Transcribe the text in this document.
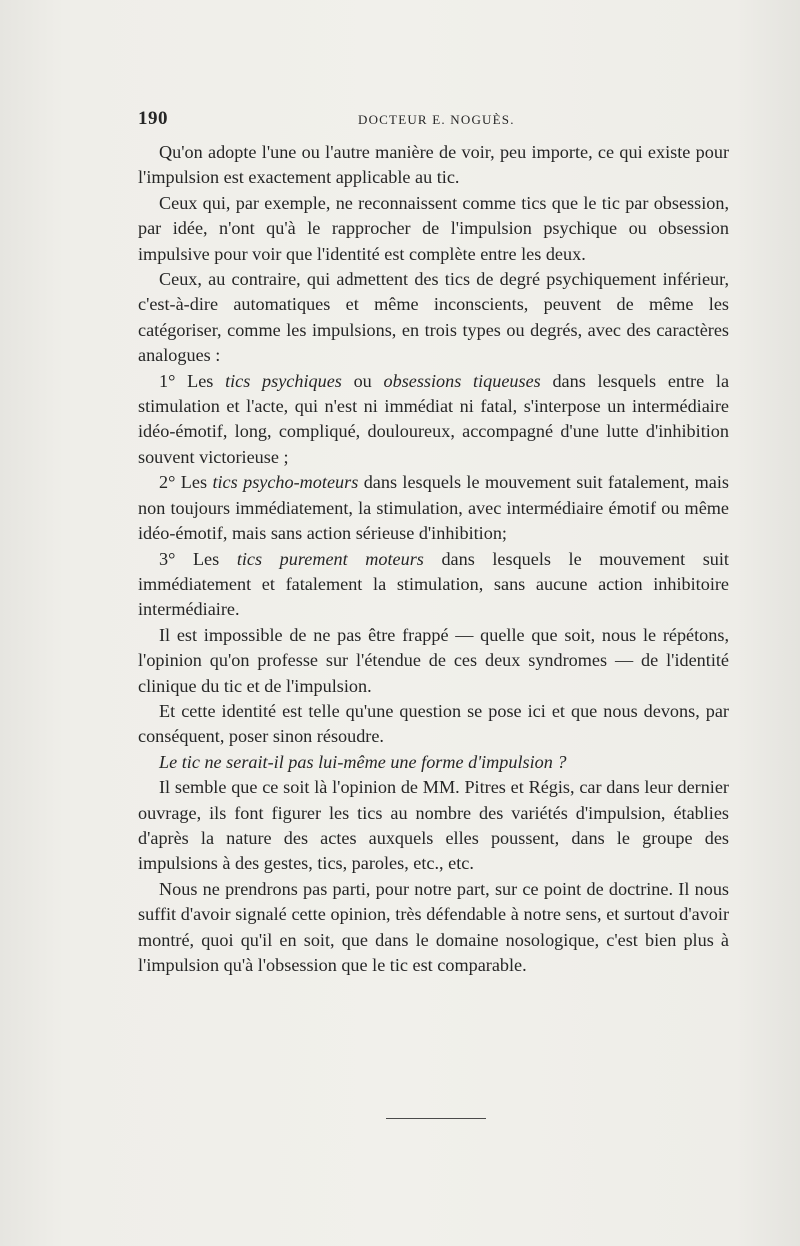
190	DOCTEUR E. NOGUÈS.

Qu'on adopte l'une ou l'autre manière de voir, peu importe, ce qui existe pour l'impulsion est exactement applicable au tic.

Ceux qui, par exemple, ne reconnaissent comme tics que le tic par obsession, par idée, n'ont qu'à le rapprocher de l'impulsion psychique ou obsession impulsive pour voir que l'identité est complète entre les deux.

Ceux, au contraire, qui admettent des tics de degré psychiquement inférieur, c'est-à-dire automatiques et même inconscients, peuvent de même les catégoriser, comme les impulsions, en trois types ou degrés, avec des caractères analogues :

1° Les tics psychiques ou obsessions tiqueuses dans lesquels entre la stimulation et l'acte, qui n'est ni immédiat ni fatal, s'interpose un intermédiaire idéo-émotif, long, compliqué, douloureux, accompagné d'une lutte d'inhibition souvent victorieuse ;

2° Les tics psycho-moteurs dans lesquels le mouvement suit fatalement, mais non toujours immédiatement, la stimulation, avec intermédiaire émotif ou même idéo-émotif, mais sans action sérieuse d'inhibition;

3° Les tics purement moteurs dans lesquels le mouvement suit immédiatement et fatalement la stimulation, sans aucune action inhibitoire intermédiaire.

Il est impossible de ne pas être frappé — quelle que soit, nous le répétons, l'opinion qu'on professe sur l'étendue de ces deux syndromes — de l'identité clinique du tic et de l'impulsion.

Et cette identité est telle qu'une question se pose ici et que nous devons, par conséquent, poser sinon résoudre.

Le tic ne serait-il pas lui-même une forme d'impulsion ?

Il semble que ce soit là l'opinion de MM. Pitres et Régis, car dans leur dernier ouvrage, ils font figurer les tics au nombre des variétés d'impulsion, établies d'après la nature des actes auxquels elles poussent, dans le groupe des impulsions à des gestes, tics, paroles, etc., etc.

Nous ne prendrons pas parti, pour notre part, sur ce point de doctrine. Il nous suffit d'avoir signalé cette opinion, très défendable à notre sens, et surtout d'avoir montré, quoi qu'il en soit, que dans le domaine nosologique, c'est bien plus à l'impulsion qu'à l'obsession que le tic est comparable.
